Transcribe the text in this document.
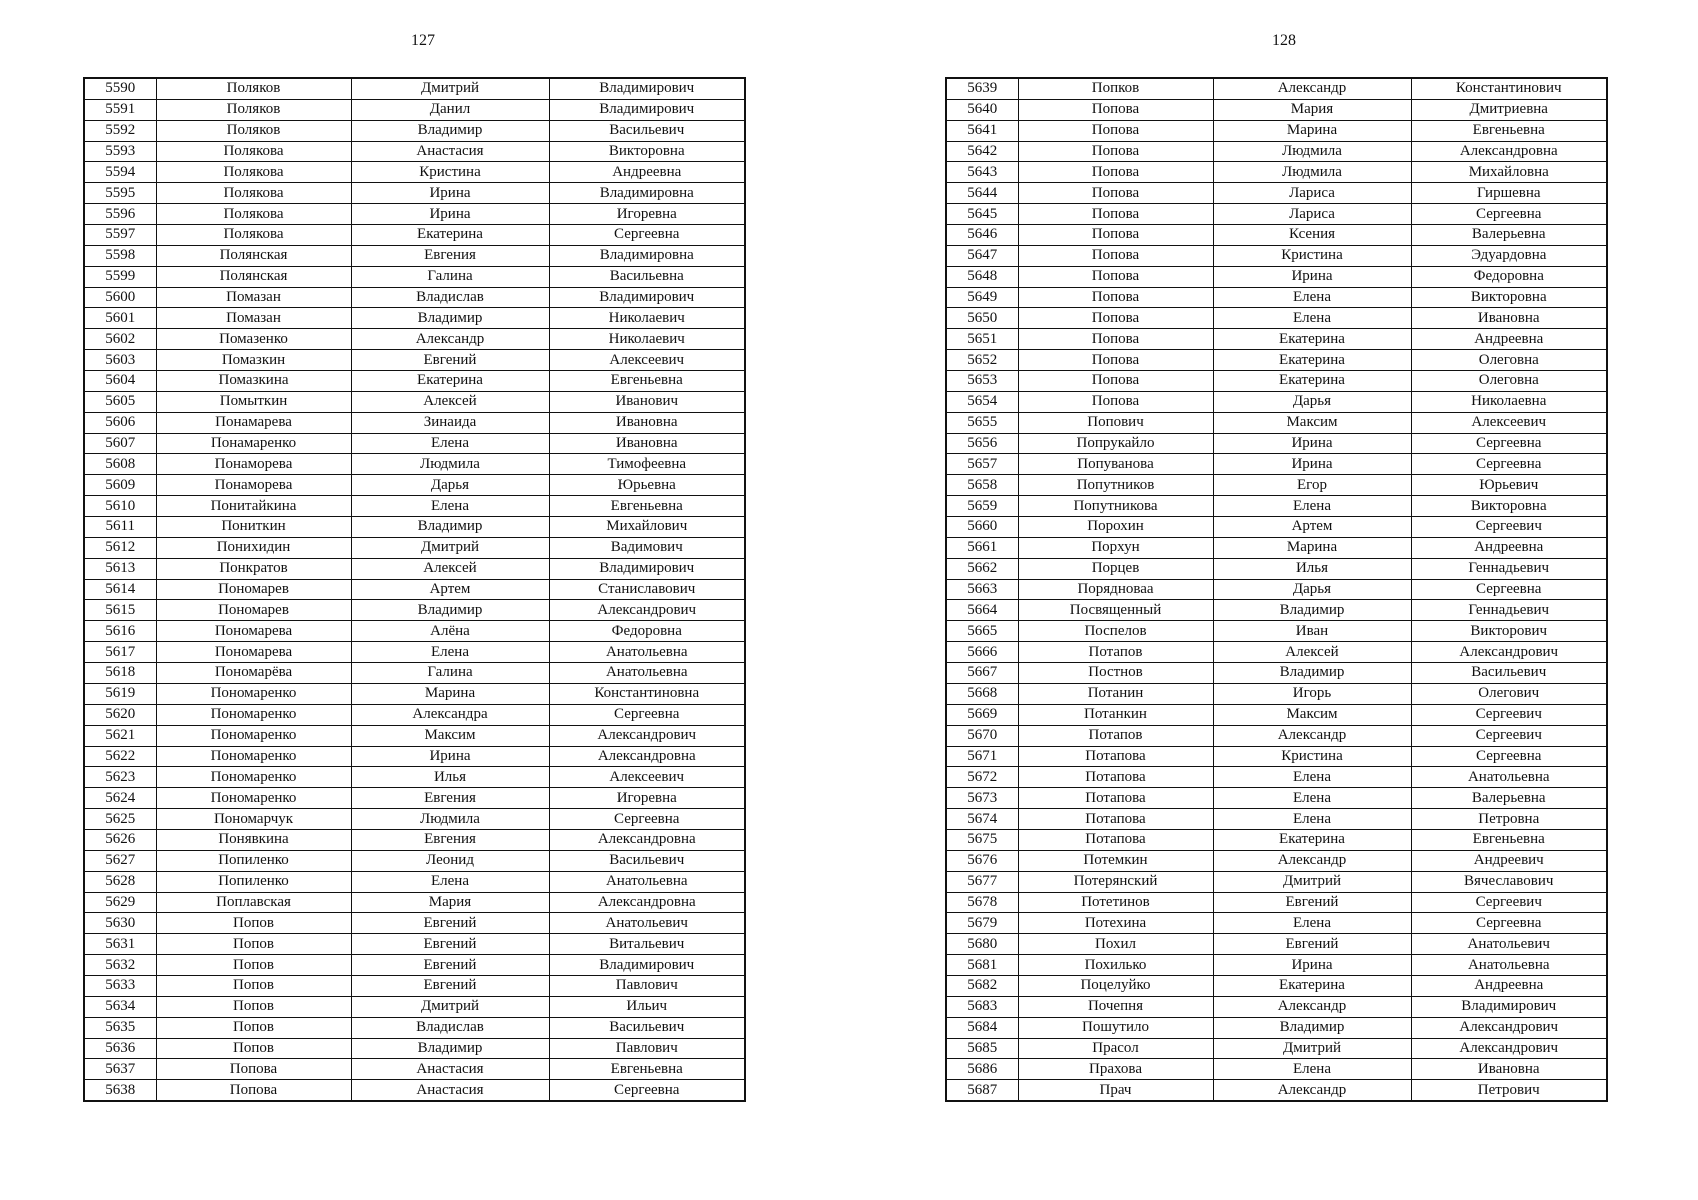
127	128
5590	Поляков	Дмитрий	Владимирович
5591	Поляков	Данил	Владимирович
5592	Поляков	Владимир	Васильевич
5593	Полякова	Анастасия	Викторовна
5594	Полякова	Кристина	Андреевна
5595	Полякова	Ирина	Владимировна
5596	Полякова	Ирина	Игоревна
5597	Полякова	Екатерина	Сергеевна
5598	Полянская	Евгения	Владимировна
5599	Полянская	Галина	Васильевна
5600	Помазан	Владислав	Владимирович
5601	Помазан	Владимир	Николаевич
5602	Помазенко	Александр	Николаевич
5603	Помазкин	Евгений	Алексеевич
5604	Помазкина	Екатерина	Евгеньевна
5605	Помыткин	Алексей	Иванович
5606	Понамарева	Зинаида	Ивановна
5607	Понамаренко	Елена	Ивановна
5608	Понаморева	Людмила	Тимофеевна
5609	Понаморева	Дарья	Юрьевна
5610	Понитайкина	Елена	Евгеньевна
5611	Пониткин	Владимир	Михайлович
5612	Понихидин	Дмитрий	Вадимович
5613	Понкратов	Алексей	Владимирович
5614	Пономарев	Артем	Станиславович
5615	Пономарев	Владимир	Александрович
5616	Пономарева	Алёна	Федоровна
5617	Пономарева	Елена	Анатольевна
5618	Пономарёва	Галина	Анатольевна
5619	Пономаренко	Марина	Константиновна
5620	Пономаренко	Александра	Сергеевна
5621	Пономаренко	Максим	Александрович
5622	Пономаренко	Ирина	Александровна
5623	Пономаренко	Илья	Алексеевич
5624	Пономаренко	Евгения	Игоревна
5625	Пономарчук	Людмила	Сергеевна
5626	Понявкина	Евгения	Александровна
5627	Попиленко	Леонид	Васильевич
5628	Попиленко	Елена	Анатольевна
5629	Поплавская	Мария	Александровна
5630	Попов	Евгений	Анатольевич
5631	Попов	Евгений	Витальевич
5632	Попов	Евгений	Владимирович
5633	Попов	Евгений	Павлович
5634	Попов	Дмитрий	Ильич
5635	Попов	Владислав	Васильевич
5636	Попов	Владимир	Павлович
5637	Попова	Анастасия	Евгеньевна
5638	Попова	Анастасия	Сергеевна
5639	Попков	Александр	Константинович
5640	Попова	Мария	Дмитриевна
5641	Попова	Марина	Евгеньевна
5642	Попова	Людмила	Александровна
5643	Попова	Людмила	Михайловна
5644	Попова	Лариса	Гиршевна
5645	Попова	Лариса	Сергеевна
5646	Попова	Ксения	Валерьевна
5647	Попова	Кристина	Эдуардовна
5648	Попова	Ирина	Федоровна
5649	Попова	Елена	Викторовна
5650	Попова	Елена	Ивановна
5651	Попова	Екатерина	Андреевна
5652	Попова	Екатерина	Олеговна
5653	Попова	Екатерина	Олеговна
5654	Попова	Дарья	Николаевна
5655	Попович	Максим	Алексеевич
5656	Попрукайло	Ирина	Сергеевна
5657	Попуванова	Ирина	Сергеевна
5658	Попутников	Егор	Юрьевич
5659	Попутникова	Елена	Викторовна
5660	Порохин	Артем	Сергеевич
5661	Порхун	Марина	Андреевна
5662	Порцев	Илья	Геннадьевич
5663	Порядноваа	Дарья	Сергеевна
5664	Посвященный	Владимир	Геннадьевич
5665	Поспелов	Иван	Викторович
5666	Потапов	Алексей	Александрович
5667	Постнов	Владимир	Васильевич
5668	Потанин	Игорь	Олегович
5669	Потанкин	Максим	Сергеевич
5670	Потапов	Александр	Сергеевич
5671	Потапова	Кристина	Сергеевна
5672	Потапова	Елена	Анатольевна
5673	Потапова	Елена	Валерьевна
5674	Потапова	Елена	Петровна
5675	Потапова	Екатерина	Евгеньевна
5676	Потемкин	Александр	Андреевич
5677	Потерянский	Дмитрий	Вячеславович
5678	Потетинов	Евгений	Сергеевич
5679	Потехина	Елена	Сергеевна
5680	Похил	Евгений	Анатольевич
5681	Похилько	Ирина	Анатольевна
5682	Поцелуйко	Екатерина	Андреевна
5683	Почепня	Александр	Владимирович
5684	Пошутило	Владимир	Александрович
5685	Прасол	Дмитрий	Александрович
5686	Прахова	Елена	Ивановна
5687	Прач	Александр	Петрович
